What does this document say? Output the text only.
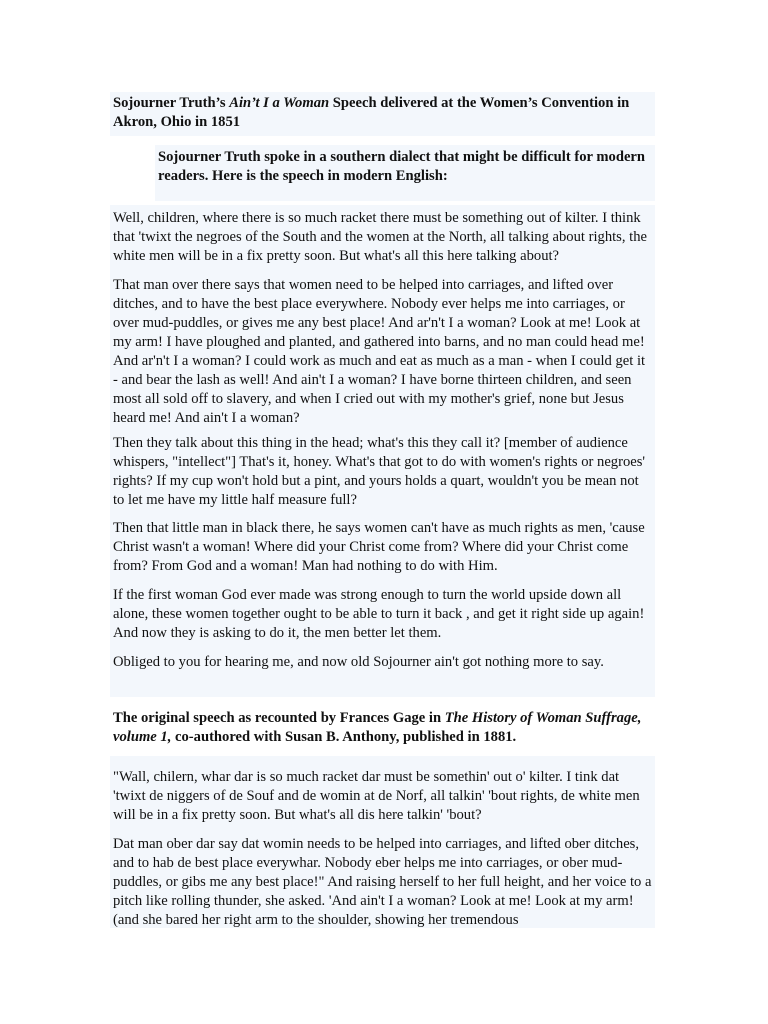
Sojourner Truth’s Ain’t I a Woman Speech delivered at the Women’s Convention in Akron, Ohio in 1851

Sojourner Truth spoke in a southern dialect that might be difficult for modern readers. Here is the speech in modern English:

Well, children, where there is so much racket there must be something out of kilter. I think that 'twixt the negroes of the South and the women at the North, all talking about rights, the white men will be in a fix pretty soon. But what's all this here talking about?

That man over there says that women need to be helped into carriages, and lifted over ditches, and to have the best place everywhere. Nobody ever helps me into carriages, or over mud-puddles, or gives me any best place! And ar'n't I a woman? Look at me! Look at my arm! I have ploughed and planted, and gathered into barns, and no man could head me! And ar'n't I a woman? I could work as much and eat as much as a man - when I could get it - and bear the lash as well! And ain't I a woman? I have borne thirteen children, and seen most all sold off to slavery, and when I cried out with my mother's grief, none but Jesus heard me! And ain't I a woman?

Then they talk about this thing in the head; what's this they call it? [member of audience whispers, "intellect"] That's it, honey. What's that got to do with women's rights or negroes' rights? If my cup won't hold but a pint, and yours holds a quart, wouldn't you be mean not to let me have my little half measure full?

Then that little man in black there, he says women can't have as much rights as men, 'cause Christ wasn't a woman! Where did your Christ come from? Where did your Christ come from? From God and a woman! Man had nothing to do with Him.

If the first woman God ever made was strong enough to turn the world upside down all alone, these women together ought to be able to turn it back , and get it right side up again! And now they is asking to do it, the men better let them.

Obliged to you for hearing me, and now old Sojourner ain't got nothing more to say.

The original speech as recounted by Frances Gage in The History of Woman Suffrage, volume 1, co-authored with Susan B. Anthony, published in 1881.

"Wall, chilern, whar dar is so much racket dar must be somethin' out o' kilter. I tink dat 'twixt de niggers of de Souf and de womin at de Norf, all talkin' 'bout rights, de white men will be in a fix pretty soon. But what's all dis here talkin' 'bout?

Dat man ober dar say dat womin needs to be helped into carriages, and lifted ober ditches, and to hab de best place everywhar. Nobody eber helps me into carriages, or ober mud-puddles, or gibs me any best place!" And raising herself to her full height, and her voice to a pitch like rolling thunder, she asked. 'And ain't I a woman? Look at me! Look at my arm! (and she bared her right arm to the shoulder, showing her tremendous
